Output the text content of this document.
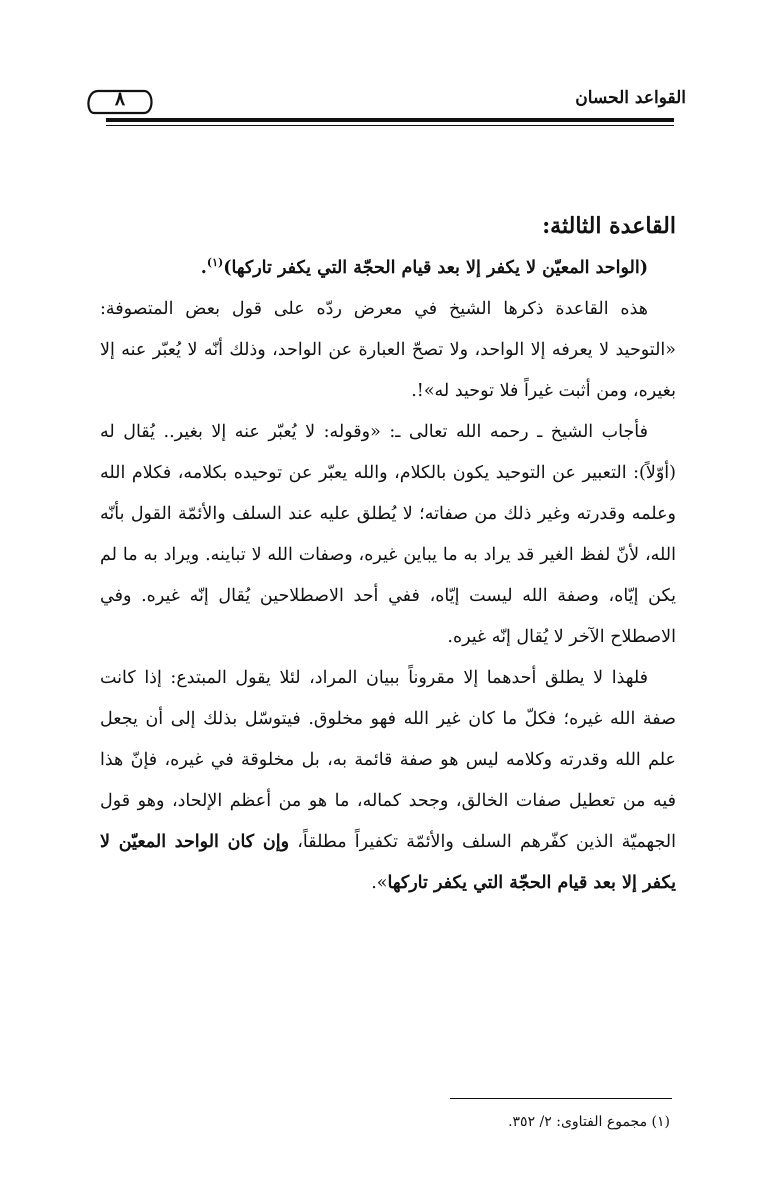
القواعد الحسان
٨
القاعدة الثالثة:

(الواحد المعيّن لا يكفر إلا بعد قيام الحجّة التي يكفر تاركها)$^{(١)}$.

هذه القاعدة ذكرها الشيخ في معرض ردّه على قول بعض المتصوفة: «التوحيد لا يعرفه إلا الواحد، ولا تصحّ العبارة عن الواحد، وذلك أنّه لا يُعبّر عنه إلا بغيره، ومن أثبت غيراً فلا توحيد له»!.

فأجاب الشيخ ـ رحمه الله تعالى ـ: «وقوله: لا يُعبّر عنه إلا بغير.. يُقال له (أوّلاً): التعبير عن التوحيد يكون بالكلام، والله يعبّر عن توحيده بكلامه، فكلام الله وعلمه وقدرته وغير ذلك من صفاته؛ لا يُطلق عليه عند السلف والأئمّة القول بأنّه الله، لأنّ لفظ الغير قد يراد به ما يباين غيره، وصفات الله لا تباينه. ويراد به ما لم يكن إيّاه، وصفة الله ليست إيّاه، ففي أحد الاصطلاحين يُقال إنّه غيره. وفي الاصطلاح الآخر لا يُقال إنّه غيره.

فلهذا لا يطلق أحدهما إلا مقروناً ببيان المراد، لئلا يقول المبتدع: إذا كانت صفة الله غيره؛ فكلّ ما كان غير الله فهو مخلوق. فيتوسّل بذلك إلى أن يجعل علم الله وقدرته وكلامه ليس هو صفة قائمة به، بل مخلوقة في غيره، فإنّ هذا فيه من تعطيل صفات الخالق، وجحد كماله، ما هو من أعظم الإلحاد، وهو قول الجهميّة الذين كفّرهم السلف والأئمّة تكفيراً مطلقاً، وإن كان الواحد المعيّن لا يكفر إلا بعد قيام الحجّة التي يكفر تاركها».

(١) مجموع الفتاوى: ٢/ ٣٥٢.
